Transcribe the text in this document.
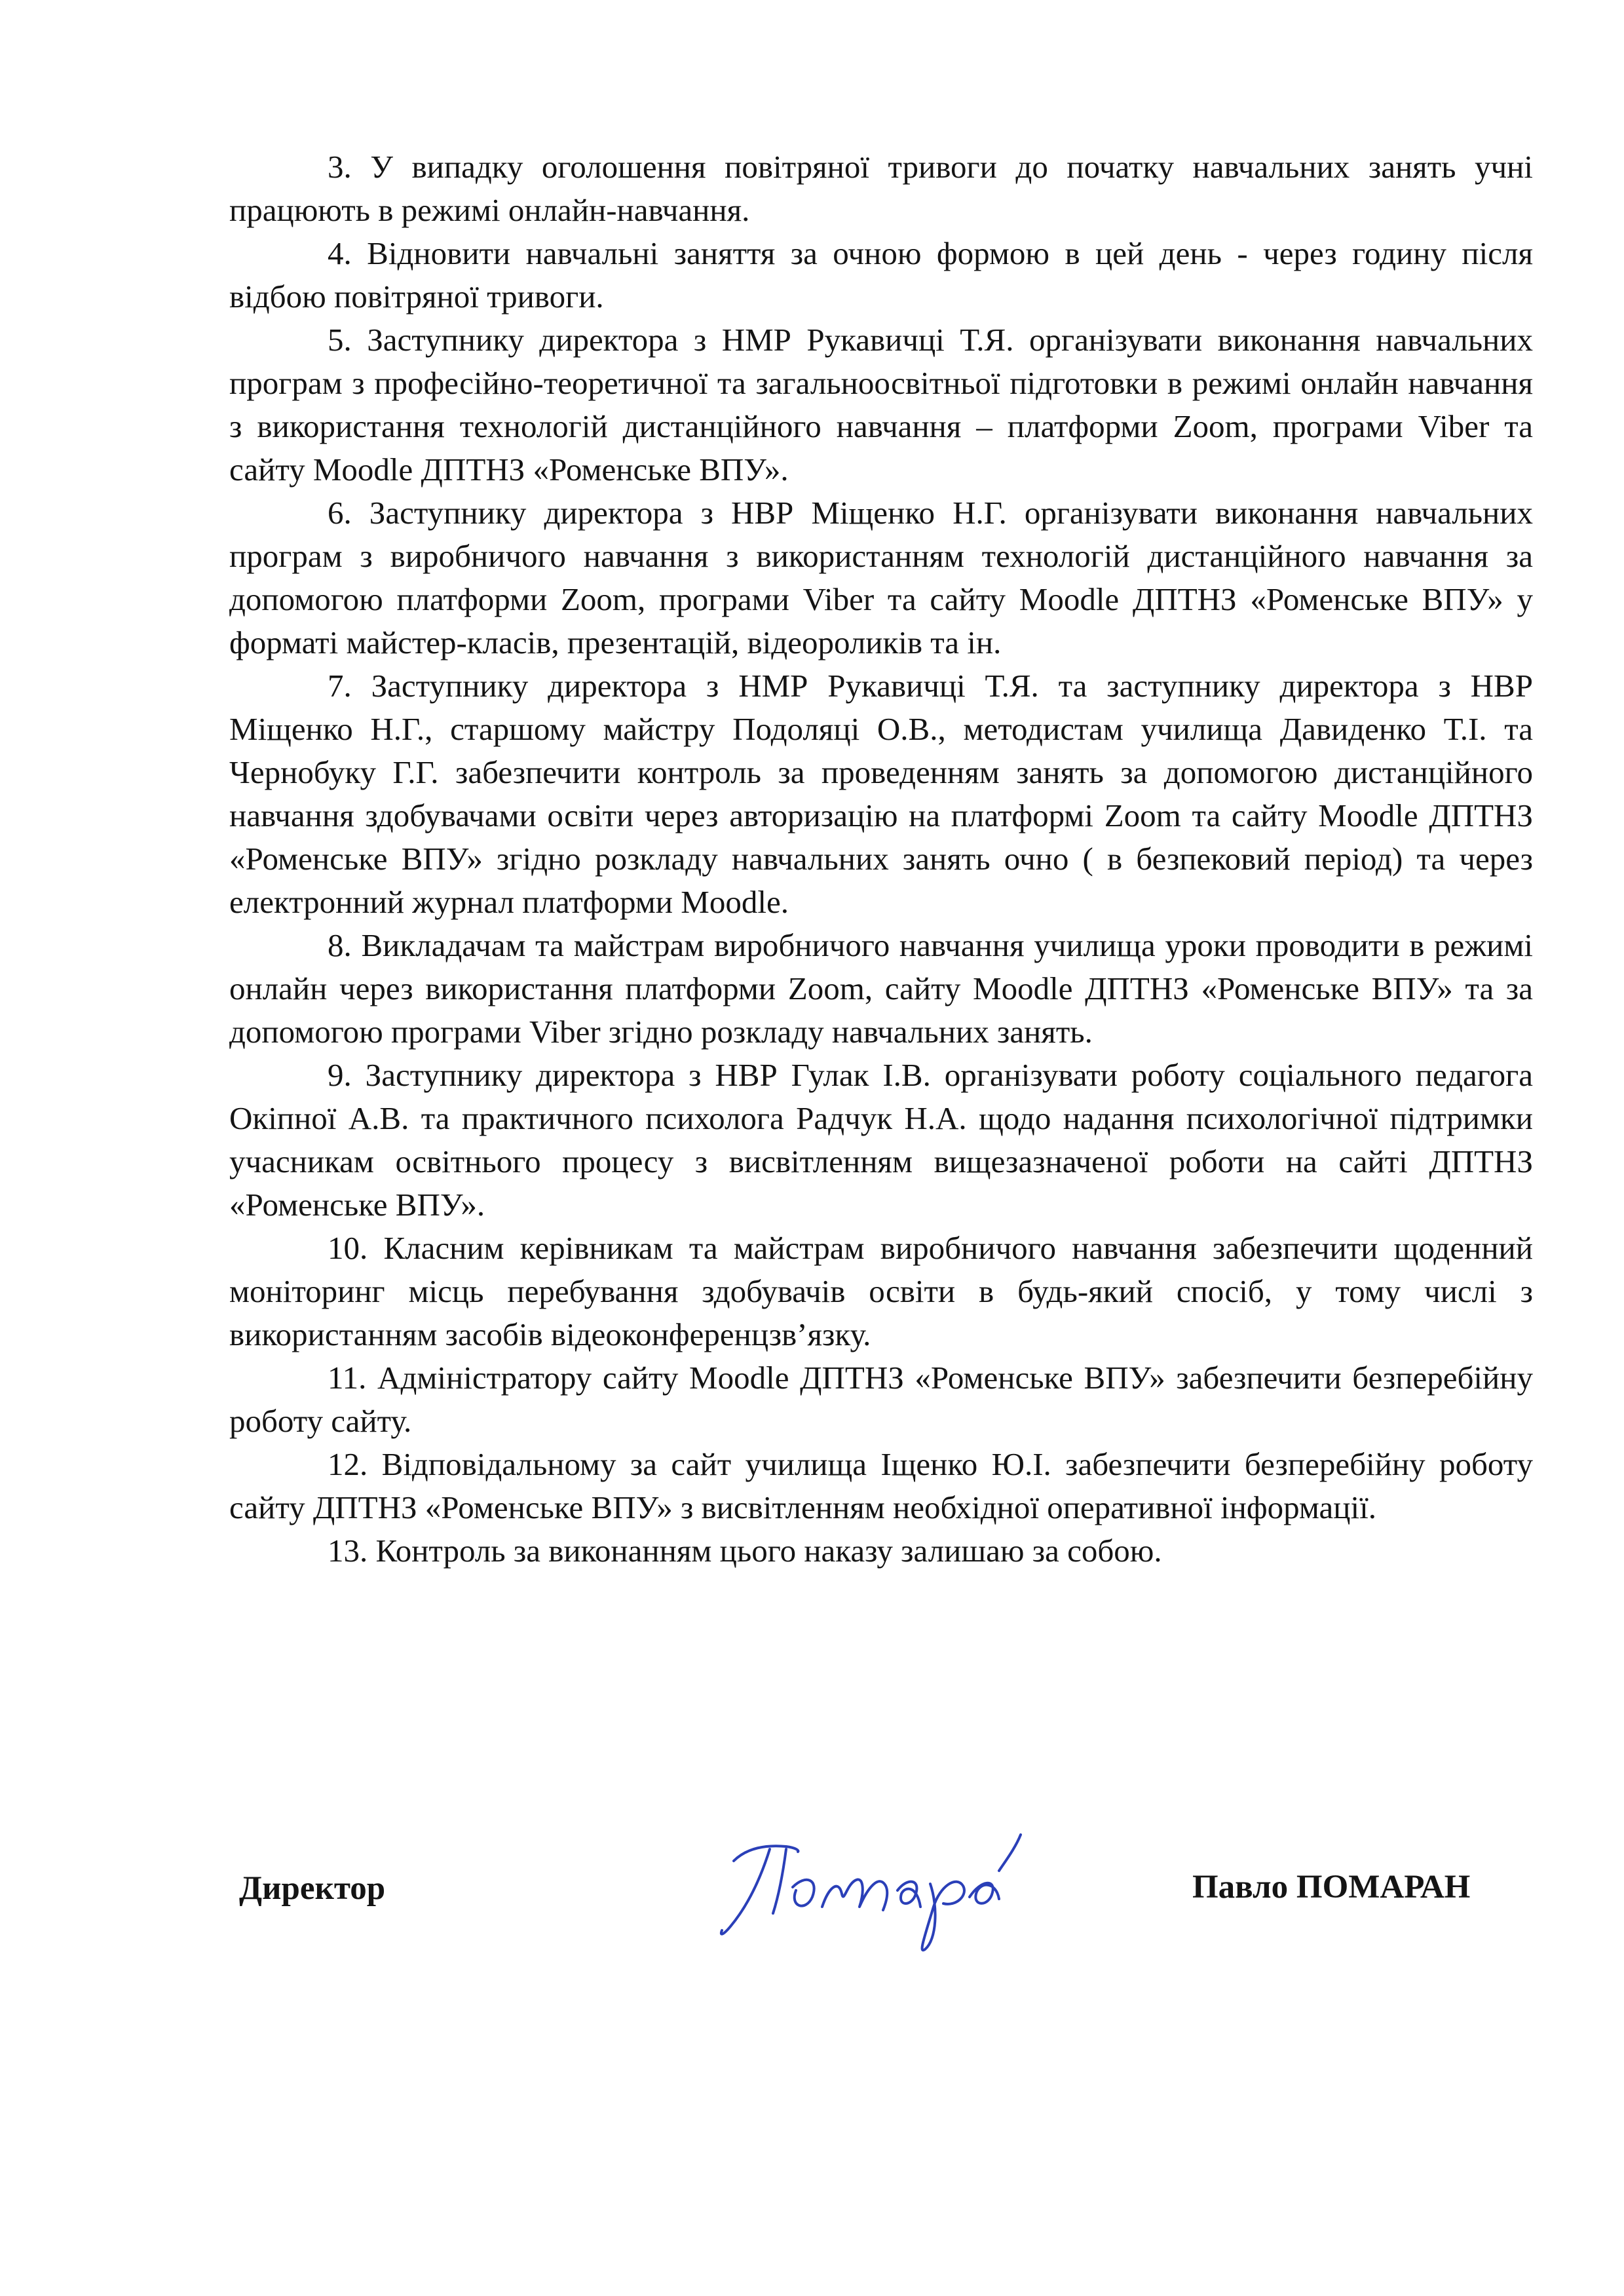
3. У випадку оголошення повітряної тривоги до початку навчальних занять учні працюють в режимі онлайн-навчання.

4. Відновити навчальні заняття за очною формою в цей день - через годину після відбою повітряної тривоги.

5. Заступнику директора з НМР Рукавичці Т.Я. організувати виконання навчальних програм з професійно-теоретичної та загальноосвітньої підготовки в режимі онлайн навчання з використання технологій дистанційного навчання – платформи Zoom, програми Viber та сайту Moodle ДПТНЗ «Роменське ВПУ».

6. Заступнику директора з НВР Міщенко Н.Г. організувати виконання навчальних програм з виробничого навчання з використанням технологій дистанційного навчання за допомогою платформи Zoom, програми Viber та сайту Moodle ДПТНЗ «Роменське ВПУ» у форматі майстер-класів, презентацій, відеороликів та ін.

7. Заступнику директора з НМР Рукавичці Т.Я. та заступнику директора з НВР Міщенко Н.Г., старшому майстру Подоляці О.В., методистам училища Давиденко Т.І. та Чернобуку Г.Г. забезпечити контроль за проведенням занять за допомогою дистанційного навчання здобувачами освіти через авторизацію на платформі Zoom та сайту Moodle ДПТНЗ «Роменське ВПУ» згідно розкладу навчальних занять очно ( в безпековий період) та через електронний журнал платформи Moodle.

8. Викладачам та майстрам виробничого навчання училища уроки проводити в режимі онлайн через використання платформи Zoom, сайту Moodle ДПТНЗ «Роменське ВПУ» та за допомогою програми Viber згідно розкладу навчальних занять.

9. Заступнику директора з НВР Гулак І.В. організувати роботу соціального педагога Окіпної А.В. та практичного психолога Радчук Н.А. щодо надання психологічної підтримки учасникам освітнього процесу з висвітленням вищезазначеної роботи на сайті ДПТНЗ «Роменське ВПУ».

10. Класним керівникам та майстрам виробничого навчання забезпечити щоденний моніторинг місць перебування здобувачів освіти в будь-який спосіб, у тому числі з використанням засобів відеоконференцзв’язку.

11. Адміністратору сайту Moodle ДПТНЗ «Роменське ВПУ» забезпечити безперебійну роботу сайту.

12. Відповідальному за сайт училища Іщенко Ю.І. забезпечити безперебійну роботу сайту ДПТНЗ «Роменське ВПУ» з висвітленням необхідної оперативної інформації.

13. Контроль за виконанням цього наказу залишаю за собою.

Директор	Павло ПОМАРАН
